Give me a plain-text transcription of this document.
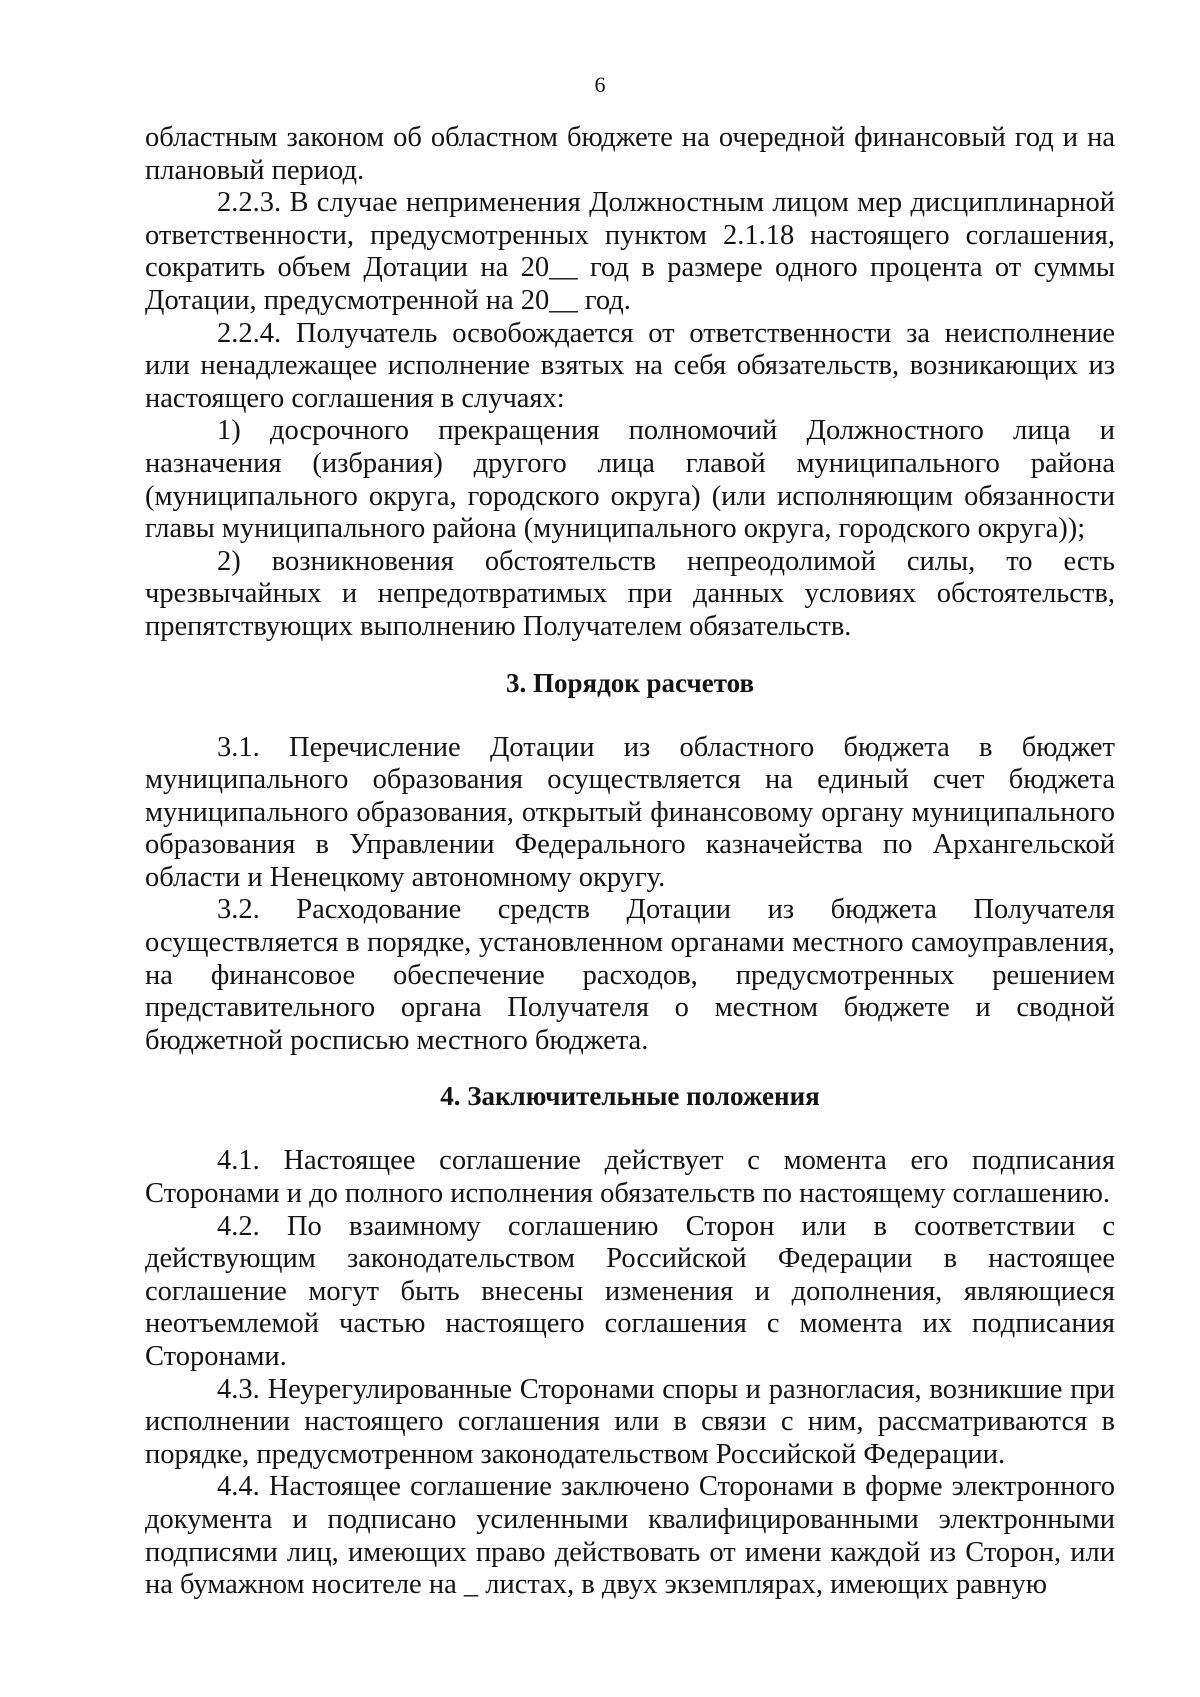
6

областным законом об областном бюджете на очередной финансовый год и на плановый период.

2.2.3. В случае неприменения Должностным лицом мер дисциплинарной ответственности, предусмотренных пунктом 2.1.18 настоящего соглашения, сократить объем Дотации на 20__ год в размере одного процента от суммы Дотации, предусмотренной на 20__ год.

2.2.4. Получатель освобождается от ответственности за неисполнение или ненадлежащее исполнение взятых на себя обязательств, возникающих из настоящего соглашения в случаях:

1) досрочного прекращения полномочий Должностного лица и назначения (избрания) другого лица главой муниципального района (муниципального округа, городского округа) (или исполняющим обязанности главы муниципального района (муниципального округа, городского округа));

2) возникновения обстоятельств непреодолимой силы, то есть чрезвычайных и непредотвратимых при данных условиях обстоятельств, препятствующих выполнению Получателем обязательств.

3. Порядок расчетов

3.1. Перечисление Дотации из областного бюджета в бюджет муниципального образования осуществляется на единый счет бюджета муниципального образования, открытый финансовому органу муниципального образования в Управлении Федерального казначейства по Архангельской области и Ненецкому автономному округу.

3.2. Расходование средств Дотации из бюджета Получателя осуществляется в порядке, установленном органами местного самоуправления, на финансовое обеспечение расходов, предусмотренных решением представительного органа Получателя о местном бюджете и сводной бюджетной росписью местного бюджета.

4. Заключительные положения

4.1. Настоящее соглашение действует с момента его подписания Сторонами и до полного исполнения обязательств по настоящему соглашению.

4.2. По взаимному соглашению Сторон или в соответствии с действующим законодательством Российской Федерации в настоящее соглашение могут быть внесены изменения и дополнения, являющиеся неотъемлемой частью настоящего соглашения с момента их подписания Сторонами.

4.3. Неурегулированные Сторонами споры и разногласия, возникшие при исполнении настоящего соглашения или в связи с ним, рассматриваются в порядке, предусмотренном законодательством Российской Федерации.

4.4. Настоящее соглашение заключено Сторонами в форме электронного документа и подписано усиленными квалифицированными электронными подписями лиц, имеющих право действовать от имени каждой из Сторон, или на бумажном носителе на _ листах, в двух экземплярах, имеющих равную
